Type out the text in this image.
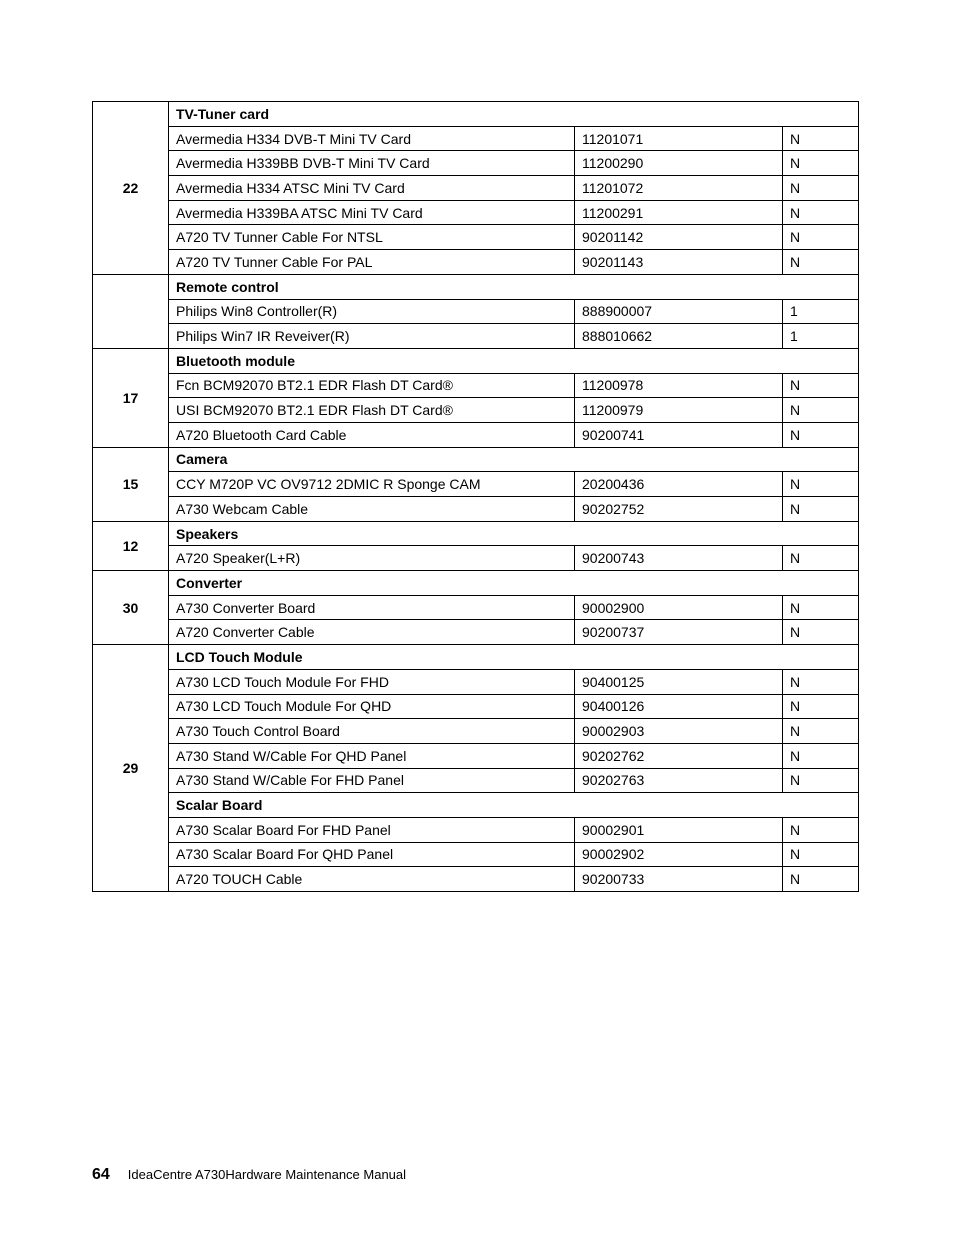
22	TV-Tuner card		
	Avermedia H334 DVB-T Mini TV Card	11201071	N
	Avermedia H339BB DVB-T Mini TV Card	11200290	N
	Avermedia H334 ATSC Mini TV Card	11201072	N
	Avermedia H339BA ATSC Mini TV Card	11200291	N
	A720 TV Tunner Cable For NTSL	90201142	N
	A720 TV Tunner Cable For PAL	90201143	N
	Remote control		
	Philips Win8 Controller(R)	888900007	1
	Philips Win7 IR Reveiver(R)	888010662	1
17	Bluetooth module		
	Fcn BCM92070 BT2.1 EDR Flash DT Card®	11200978	N
	USI BCM92070 BT2.1 EDR Flash DT Card®	11200979	N
	A720 Bluetooth Card Cable	90200741	N
15	Camera		
	CCY M720P VC OV9712 2DMIC R Sponge CAM	20200436	N
	A730 Webcam Cable	90202752	N
12	Speakers		
	A720 Speaker(L+R)	90200743	N
30	Converter		
	A730 Converter Board	90002900	N
	A720 Converter Cable	90200737	N
29	LCD Touch Module		
	A730 LCD Touch Module For FHD	90400125	N
	A730 LCD Touch Module For QHD	90400126	N
	A730 Touch Control Board	90002903	N
	A730 Stand W/Cable For QHD Panel	90202762	N
	A730 Stand W/Cable For FHD Panel	90202763	N
	Scalar Board		
	A730 Scalar Board For FHD Panel	90002901	N
	A730 Scalar Board For QHD Panel	90002902	N
	A720 TOUCH Cable	90200733	N
64 IdeaCentre A730Hardware Maintenance Manual
